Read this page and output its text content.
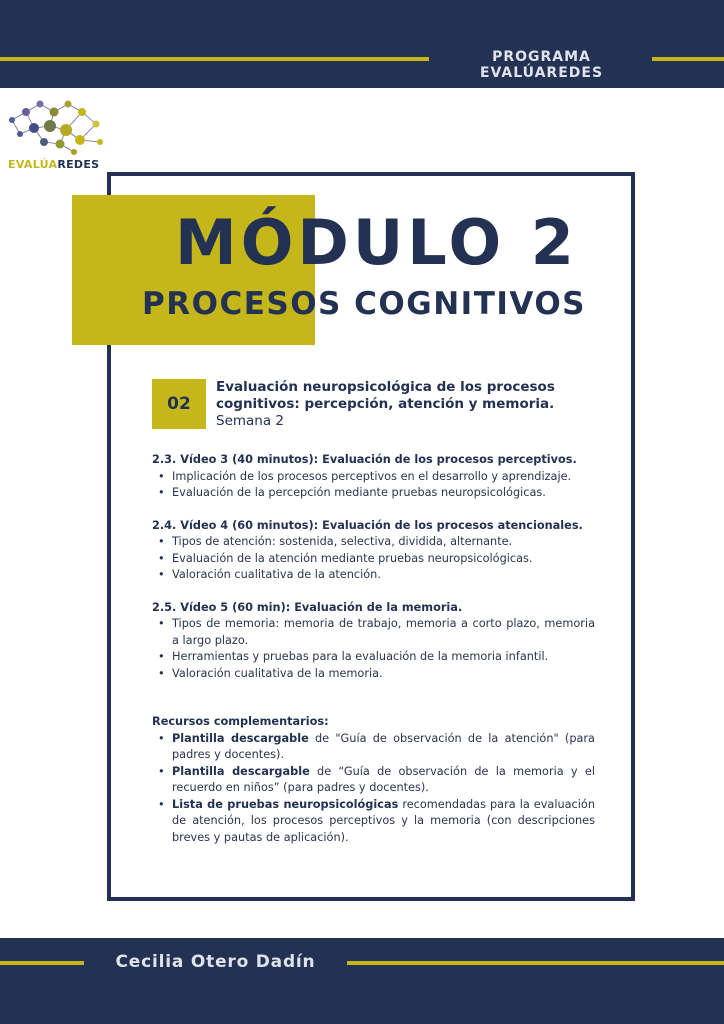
PROGRAMA EVALÚAREDES
EVALÚAREDES
MÓDULO 2
PROCESOS COGNITIVOS
02
Evaluación neuropsicológica de los procesos cognitivos: percepción, atención y memoria.
Semana 2
2.3. Vídeo 3 (40 minutos): Evaluación de los procesos perceptivos.
• Implicación de los procesos perceptivos en el desarrollo y aprendizaje.
• Evaluación de la percepción mediante pruebas neuropsicológicas.
2.4. Vídeo 4 (60 minutos): Evaluación de los procesos atencionales.
• Tipos de atención: sostenida, selectiva, dividida, alternante.
• Evaluación de la atención mediante pruebas neuropsicológicas.
• Valoración cualitativa de la atención.
2.5. Vídeo 5 (60 min): Evaluación de la memoria.
• Tipos de memoria: memoria de trabajo, memoria a corto plazo, memoria a largo plazo.
• Herramientas y pruebas para la evaluación de la memoria infantil.
• Valoración cualitativa de la memoria.
Recursos complementarios:
• Plantilla descargable de "Guía de observación de la atención" (para padres y docentes).
• Plantilla descargable de “Guía de observación de la memoria y el recuerdo en niños” (para padres y docentes).
• Lista de pruebas neuropsicológicas recomendadas para la evaluación de atención, los procesos perceptivos y la memoria (con descripciones breves y pautas de aplicación).
Cecilia Otero Dadín
